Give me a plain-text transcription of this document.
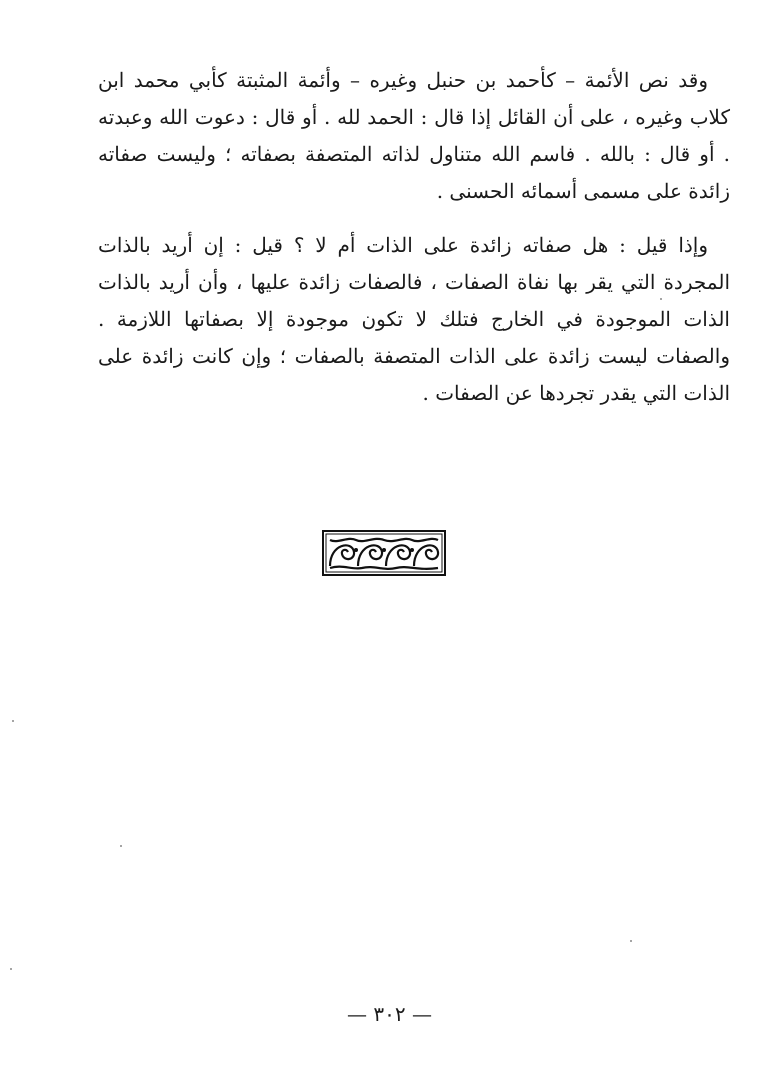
وقد نص الأئمة – كأحمد بن حنبل وغيره – وأئمة المثبتة كأبي محمد ابن كلاب وغيره ، على أن القائل إذا قال : الحمد لله . أو قال : دعوت الله وعبدته . أو قال : بالله . فاسم الله متناول لذاته المتصفة بصفاته ؛ وليست صفاته زائدة على مسمى أسمائه الحسنى .

وإذا قيل : هل صفاته زائدة على الذات أم لا ؟ قيل : إن أريد بالذات المجردة التي يقر بها نفاة الصفات ، فالصفات زائدة عليها ، وأن أريد بالذات الذات الموجودة في الخارج فتلك لا تكون موجودة إلا بصفاتها اللازمة . والصفات ليست زائدة على الذات المتصفة بالصفات ؛ وإن كانت زائدة على الذات التي يقدر تجردها عن الصفات .

— ٣٠٢ —
